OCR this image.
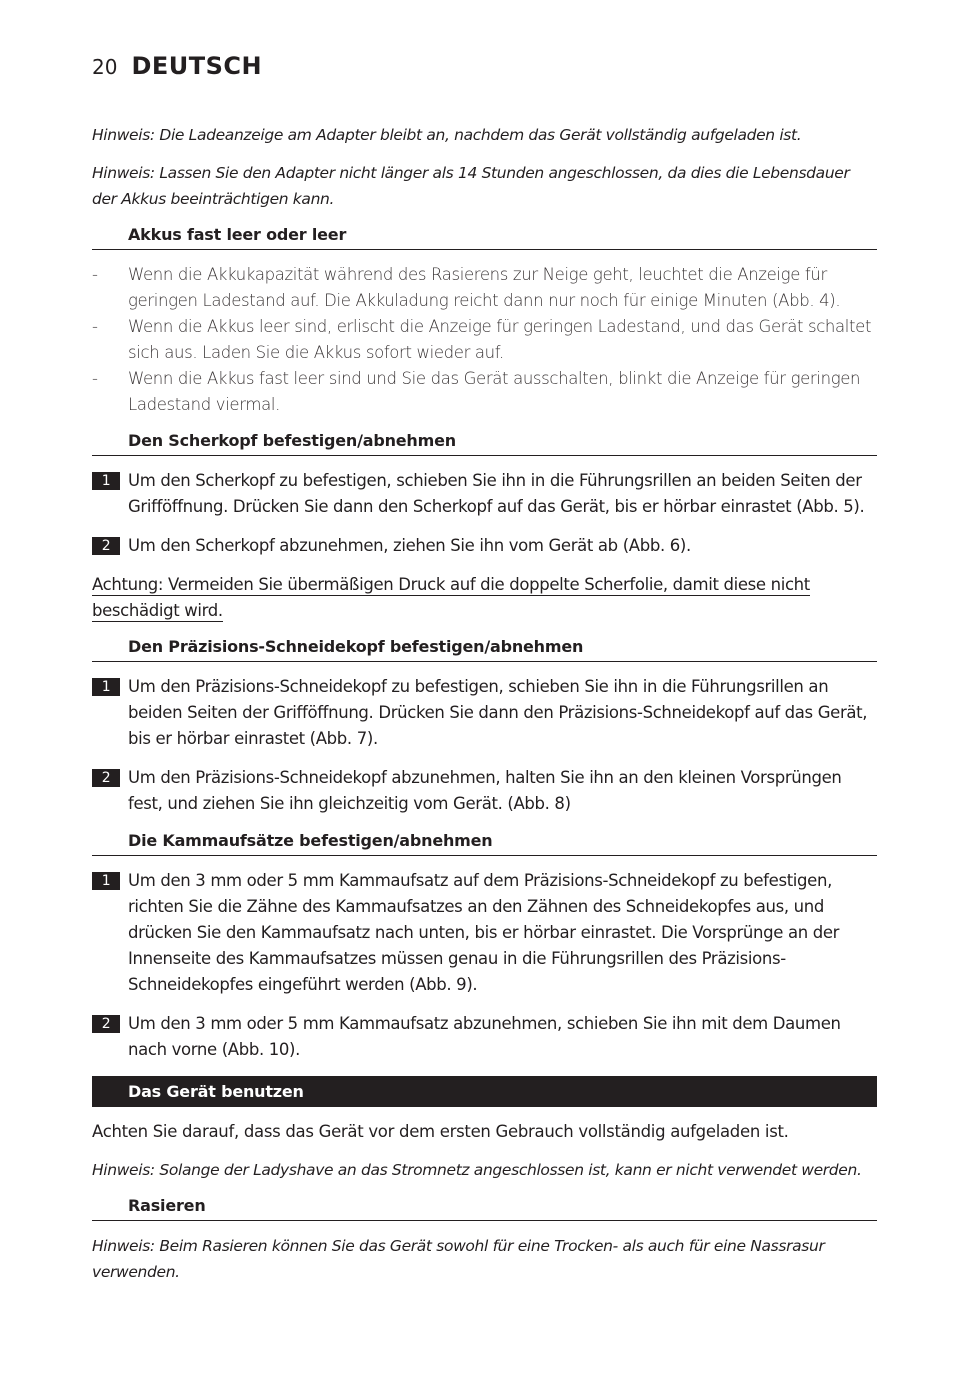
20 DEUTSCH

Hinweis: Die Ladeanzeige am Adapter bleibt an, nachdem das Gerät vollständig aufgeladen ist.

Hinweis: Lassen Sie den Adapter nicht länger als 14 Stunden angeschlossen, da dies die Lebensdauer der Akkus beeinträchtigen kann.

Akkus fast leer oder leer
- Wenn die Akkukapazität während des Rasierens zur Neige geht, leuchtet die Anzeige für geringen Ladestand auf. Die Akkuladung reicht dann nur noch für einige Minuten (Abb. 4).
- Wenn die Akkus leer sind, erlischt die Anzeige für geringen Ladestand, und das Gerät schaltet sich aus. Laden Sie die Akkus sofort wieder auf.
- Wenn die Akkus fast leer sind und Sie das Gerät ausschalten, blinkt die Anzeige für geringen Ladestand viermal.
Den Scherkopf befestigen/abnehmen
1	Um den Scherkopf zu befestigen, schieben Sie ihn in die Führungsrillen an beiden Seiten der Grifföffnung. Drücken Sie dann den Scherkopf auf das Gerät, bis er hörbar einrastet (Abb. 5).
2	Um den Scherkopf abzunehmen, ziehen Sie ihn vom Gerät ab (Abb. 6).

Achtung: Vermeiden Sie übermäßigen Druck auf die doppelte Scherfolie, damit diese nicht beschädigt wird.

Den Präzisions-Schneidekopf befestigen/abnehmen
1	Um den Präzisions-Schneidekopf zu befestigen, schieben Sie ihn in die Führungsrillen an beiden Seiten der Grifföffnung. Drücken Sie dann den Präzisions-Schneidekopf auf das Gerät, bis er hörbar einrastet (Abb. 7).
2	Um den Präzisions-Schneidekopf abzunehmen, halten Sie ihn an den kleinen Vorsprüngen fest, und ziehen Sie ihn gleichzeitig vom Gerät. (Abb. 8)
Die Kammaufsätze befestigen/abnehmen
1	Um den 3 mm oder 5 mm Kammaufsatz auf dem Präzisions-Schneidekopf zu befestigen, richten Sie die Zähne des Kammaufsatzes an den Zähnen des Schneidekopfes aus, und drücken Sie den Kammaufsatz nach unten, bis er hörbar einrastet. Die Vorsprünge an der Innenseite des Kammaufsatzes müssen genau in die Führungsrillen des Präzisions-Schneidekopfes eingeführt werden (Abb. 9).
2	Um den 3 mm oder 5 mm Kammaufsatz abzunehmen, schieben Sie ihn mit dem Daumen nach vorne (Abb. 10).
Das Gerät benutzen

Achten Sie darauf, dass das Gerät vor dem ersten Gebrauch vollständig aufgeladen ist.

Hinweis: Solange der Ladyshave an das Stromnetz angeschlossen ist, kann er nicht verwendet werden.

Rasieren

Hinweis: Beim Rasieren können Sie das Gerät sowohl für eine Trocken- als auch für eine Nassrasur verwenden.
